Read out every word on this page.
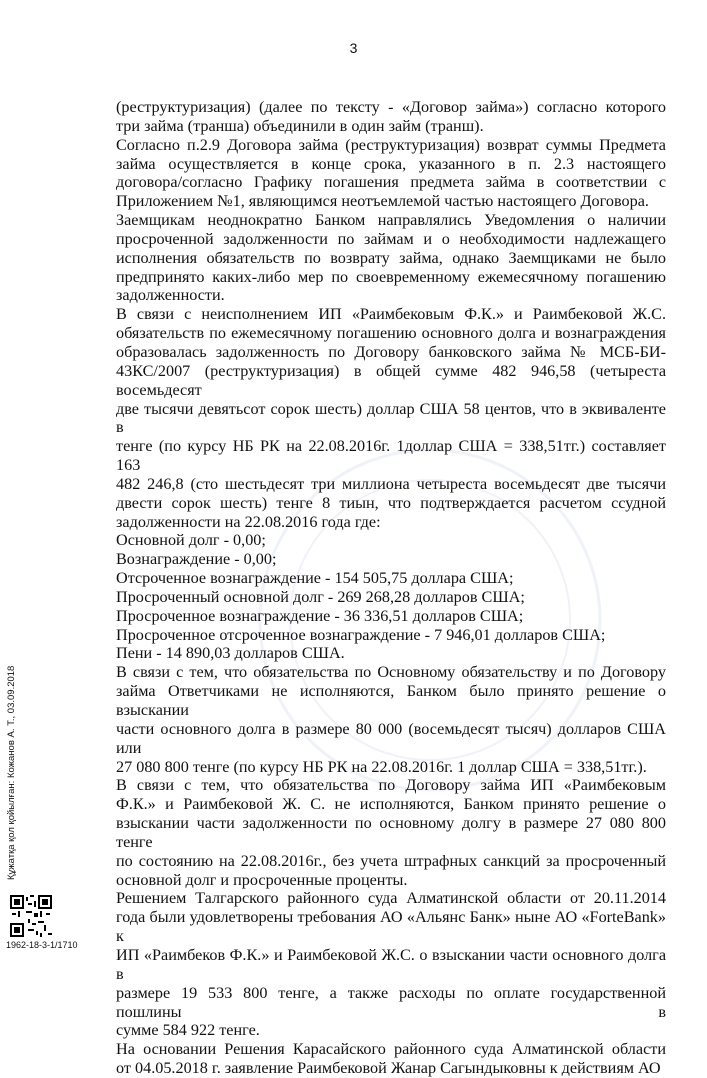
3
(реструктуризация) (далее по тексту - «Договор займа») согласно которого
три займа (транша) объединили в один займ (транш).
Согласно п.2.9 Договора займа (реструктуризация) возврат суммы Предмета
займа осуществляется в конце срока, указанного в п. 2.3 настоящего
договора/согласно Графику погашения предмета займа в соответствии с
Приложением №1, являющимся неотъемлемой частью настоящего Договора.
Заемщикам неоднократно Банком направлялись Уведомления о наличии
просроченной задолженности по займам и о необходимости надлежащего
исполнения обязательств по возврату займа, однако Заемщиками не было
предпринято каких-либо мер по своевременному ежемесячному погашению
задолженности.
В связи с неисполнением ИП «Раимбековым Ф.К.» и Раимбековой Ж.С.
обязательств по ежемесячному погашению основного долга и вознаграждения
образовалась задолженность по Договору банковского займа № МСБ-БИ-
43КС/2007 (реструктуризация) в общей сумме 482 946,58 (четыреста восемьдесят
две тысячи девятьсот сорок шесть) доллар США 58 центов, что в эквиваленте в
тенге (по курсу НБ РК на 22.08.2016г. 1доллар США = 338,51тг.) составляет 163
482 246,8 (сто шестьдесят три миллиона четыреста восемьдесят две тысячи
двести сорок шесть) тенге 8 тиын, что подтверждается расчетом ссудной
задолженности на 22.08.2016 года где:
Основной долг - 0,00;
Вознаграждение - 0,00;
Отсроченное вознаграждение - 154 505,75 доллара США;
Просроченный основной долг - 269 268,28 долларов США;
Просроченное вознаграждение - 36 336,51 долларов США;
Просроченное отсроченное вознаграждение - 7 946,01 долларов США;
Пени - 14 890,03 долларов США.
В связи с тем, что обязательства по Основному обязательству и по Договору
займа Ответчиками не исполняются, Банком было принято решение о взыскании
части основного долга в размере 80 000 (восемьдесят тысяч) долларов США или
27 080 800 тенге (по курсу НБ РК на 22.08.2016г. 1 доллар США = 338,51тг.).
В связи с тем, что обязательства по Договору займа ИП «Раимбековым
Ф.К.» и Раимбековой Ж. С. не исполняются, Банком принято решение о
взыскании части задолженности по основному долгу в размере 27 080 800 тенге
по состоянию на 22.08.2016г., без учета штрафных санкций за просроченный
основной долг и просроченные проценты.
Решением Талгарского районного суда Алматинской области от 20.11.2014
года были удовлетворены требования АО «Альянс Банк» ныне АО «ForteBank» к
ИП «Раимбеков Ф.К.» и Раимбековой Ж.С. о взыскании части основного долга в
размере 19 533 800 тенге, а также расходы по оплате государственной пошлины в
сумме 584 922 тенге.
На основании Решения Карасайского районного суда Алматинской области
от 04.05.2018 г. заявление Раимбековой Жанар Сагындыковны к действиям АО
Құжатқа қол қойылған: Кожанов А. Т., 03.09.2018
1962-18-3-1/1710
